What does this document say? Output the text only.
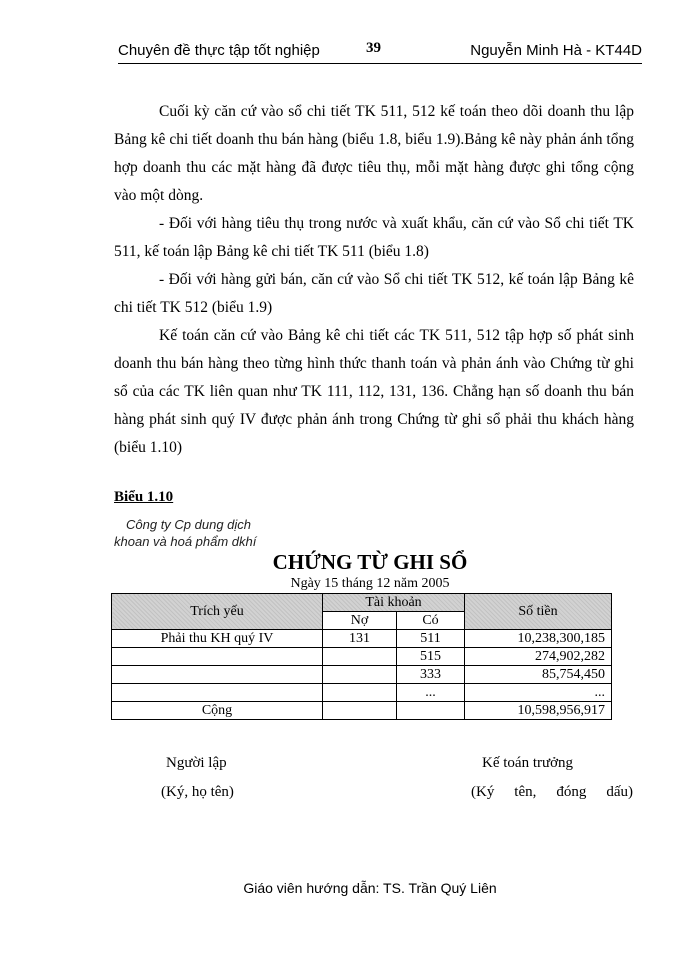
Chuyên đề thực tập tốt nghiệp	39	Nguyễn Minh Hà - KT44D

Cuối kỳ căn cứ vào sổ chi tiết TK 511, 512 kế toán theo dõi doanh thu lập Bảng kê chi tiết doanh thu bán hàng (biểu 1.8, biểu 1.9).Bảng kê này phản ánh tổng hợp doanh thu các mặt hàng đã được tiêu thụ, mỗi mặt hàng được ghi tổng cộng vào một dòng.

- Đối với hàng tiêu thụ trong nước và xuất khẩu, căn cứ vào Sổ chi tiết TK 511, kế toán lập Bảng kê chi tiết TK 511 (biểu 1.8)

- Đối với hàng gửi bán, căn cứ vào Sổ chi tiết TK 512, kế toán lập Bảng kê chi tiết TK 512 (biểu 1.9)

Kế toán căn cứ vào Bảng kê chi tiết các TK 511, 512 tập hợp số phát sinh doanh thu bán hàng theo từng hình thức thanh toán và phản ánh vào Chứng từ ghi sổ của các TK liên quan như TK 111, 112, 131, 136. Chẳng hạn số doanh thu bán hàng phát sinh quý IV được phản ánh trong Chứng từ ghi sổ phải thu khách hàng (biểu 1.10)

Biểu 1.10
Công ty Cp dung dịch
khoan và hoá phẩm dkhí
CHỨNG TỪ GHI SỔ
Ngày 15 tháng 12 năm 2005
Trích yếu	Tài khoản		Số tiền
	Nợ	Có	
Phải thu KH quý IV	131	511	10,238,300,185
		515	274,902,282
		333	85,754,450
		...	...
Cộng			10,598,956,917
Người lập
(Ký, họ tên)
Kế toán trưởng
(Ký tên, đóng dấu)
Giáo viên hướng dẫn: TS. Trần Quý Liên
